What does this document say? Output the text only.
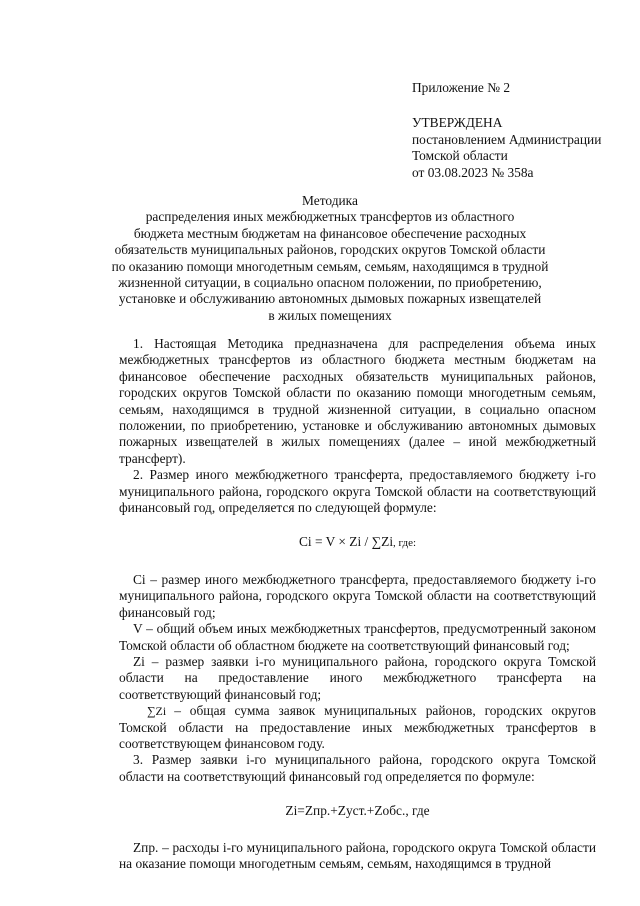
Приложение № 2
УТВЕРЖДЕНА
постановлением Администрации
Томской области
от 03.08.2023 № 358а
Методика
распределения иных межбюджетных трансфертов из областного
бюджета местным бюджетам на финансовое обеспечение расходных
обязательств муниципальных районов, городских округов Томской области
по оказанию помощи многодетным семьям, семьям, находящимся в трудной
жизненной ситуации, в социально опасном положении, по приобретению,
установке и обслуживанию автономных дымовых пожарных извещателей
в жилых помещениях

1. Настоящая Методика предназначена для распределения объема иных межбюджетных трансфертов из областного бюджета местным бюджетам на финансовое обеспечение расходных обязательств муниципальных районов, городских округов Томской области по оказанию помощи многодетным семьям, семьям, находящимся в трудной жизненной ситуации, в социально опасном положении, по приобретению, установке и обслуживанию автономных дымовых пожарных извещателей в жилых помещениях (далее – иной межбюджетный трансферт).

2. Размер иного межбюджетного трансферта, предоставляемого бюджету i-го муниципального района, городского округа Томской области на соответствующий финансовый год, определяется по следующей формуле:

Ci = V × Zi / ∑Zi, где:

Ci – размер иного межбюджетного трансферта, предоставляемого бюджету i-го муниципального района, городского округа Томской области на соответствующий финансовый год;

V – общий объем иных межбюджетных трансфертов, предусмотренный законом Томской области об областном бюджете на соответствующий финансовый год;

Zi – размер заявки i-го муниципального района, городского округа Томской области на предоставление иного межбюджетного трансферта на соответствующий финансовый год;

∑Zi – общая сумма заявок муниципальных районов, городских округов Томской области на предоставление иных межбюджетных трансфертов в соответствующем финансовом году.

3. Размер заявки i-го муниципального района, городского округа Томской области на соответствующий финансовый год определяется по формуле:

Zi=Zпр.+Zуст.+Zобс., где

Zпр. – расходы i-го муниципального района, городского округа Томской области на оказание помощи многодетным семьям, семьям, находящимся в трудной
